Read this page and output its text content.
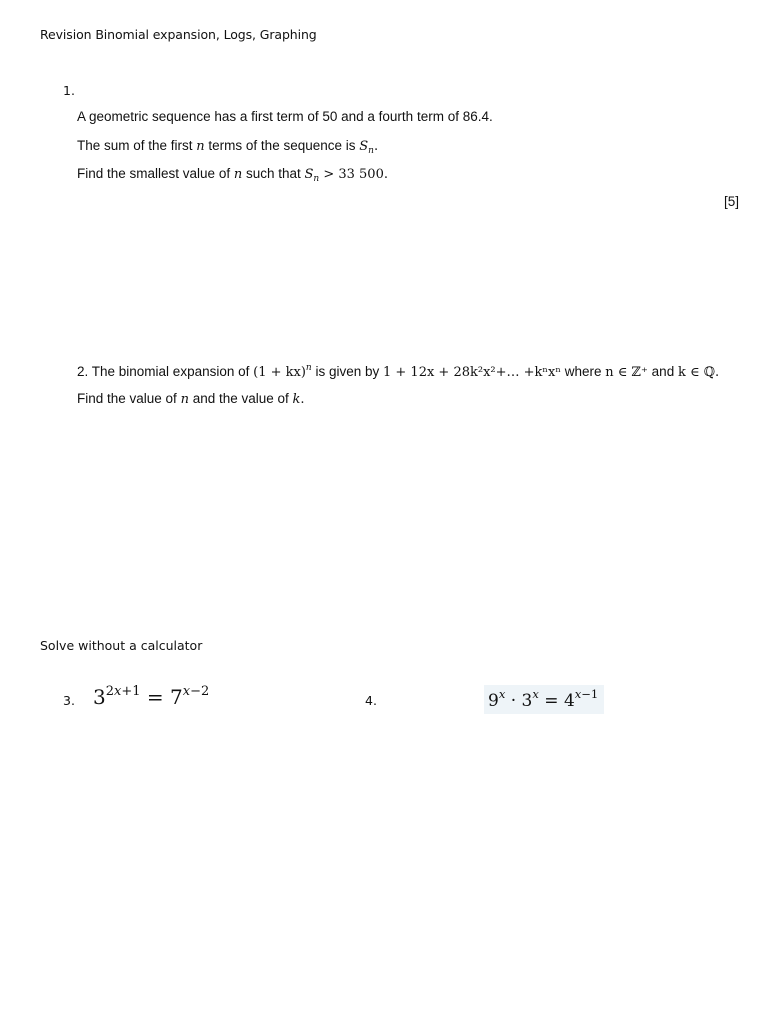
Revision Binomial expansion, Logs, Graphing
1.
A geometric sequence has a first term of 50 and a fourth term of 86.4.
The sum of the first n terms of the sequence is $S_n$.
Find the smallest value of n such that $S_n > 33$ 500.
[5]
2. The binomial expansion of (1 + kx)$^n$ is given by 1 + 12x + 28k²x²+… +kⁿxⁿ where n ∈ ℤ⁺ and k ∈ ℚ.
Find the value of n and the value of k.
Solve without a calculator
3. $3^{2x+1} = 7^{x-2}$
4.	$9^x \cdot 3^x = 4^{x-1}$
